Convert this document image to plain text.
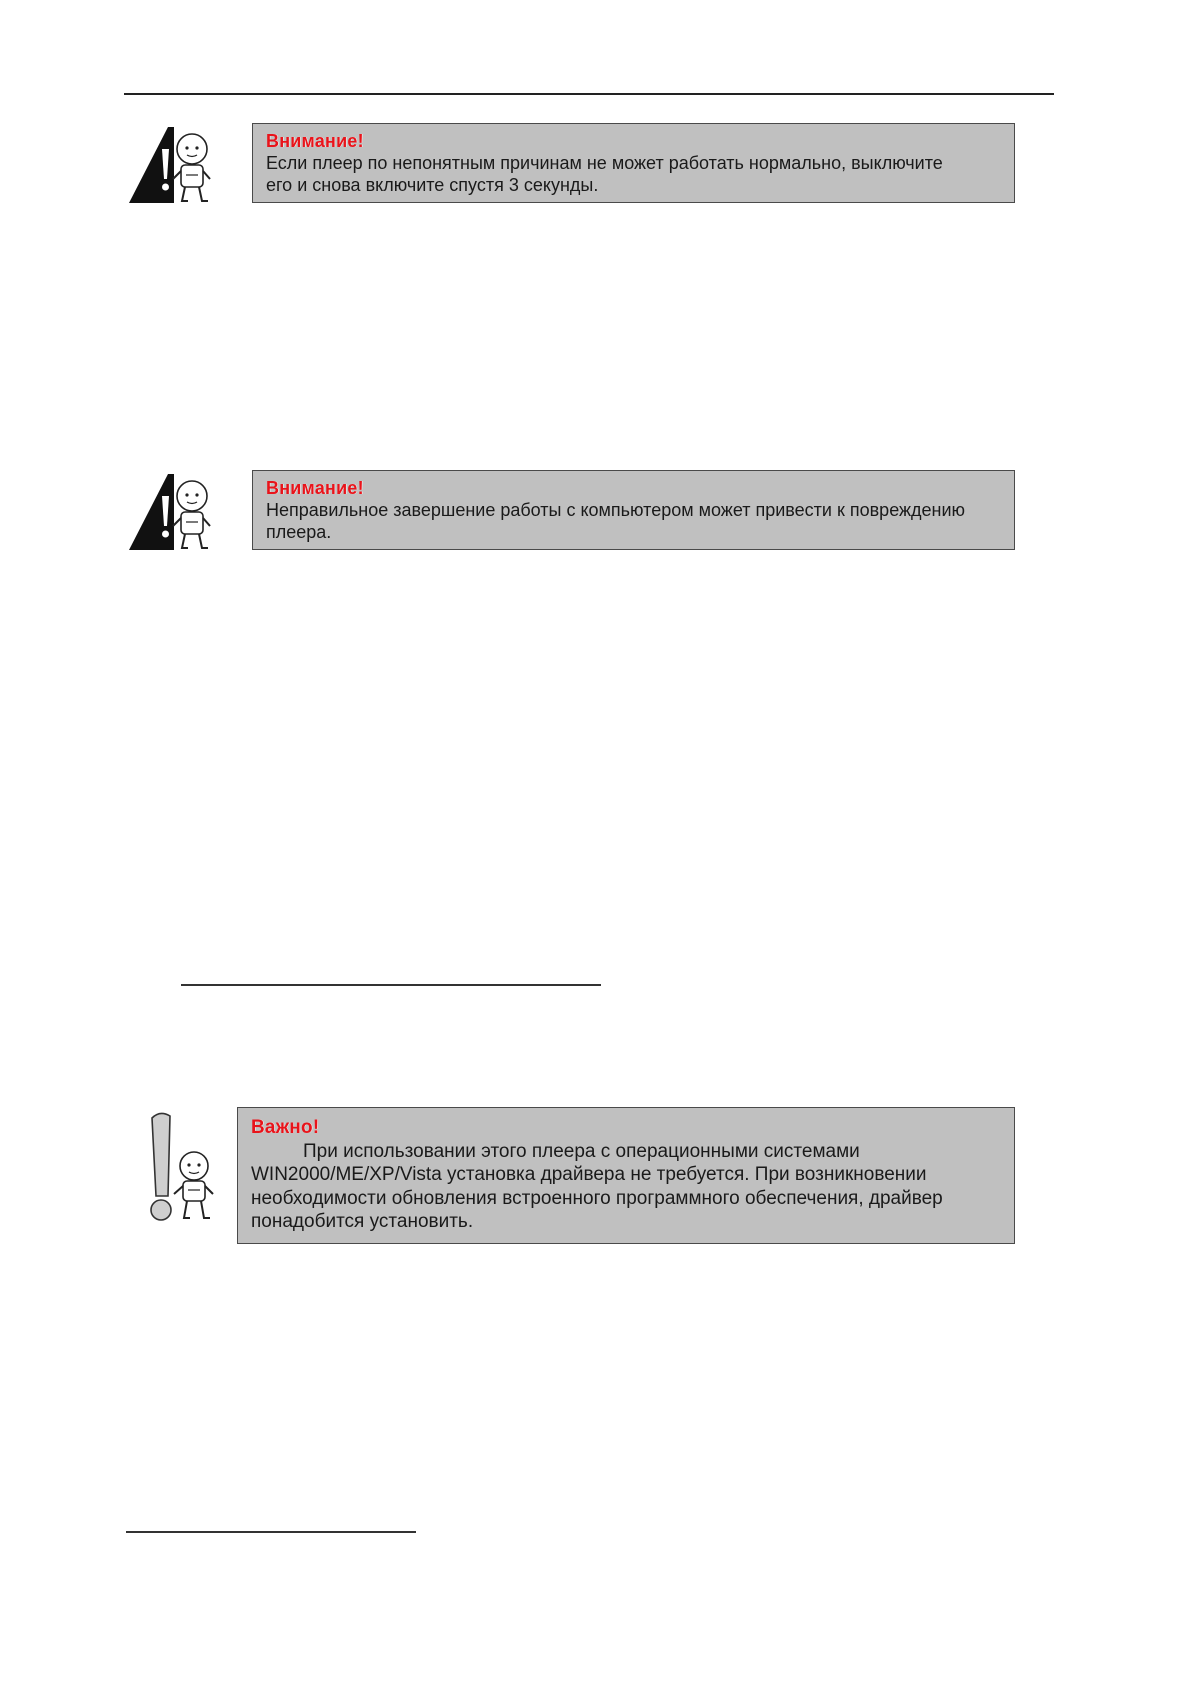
Внимание!
Если плеер по непонятным причинам не может работать нормально, выключите
его и снова включите спустя 3 секунды.
Внимание!
Неправильное завершение работы с компьютером может привести к повреждению
плеера.
Важно!
При использовании этого плеера с операционными системами
WIN2000/ME/XP/Vista установка драйвера не требуется. При возникновении
необходимости обновления встроенного программного обеспечения, драйвер
понадобится установить.
